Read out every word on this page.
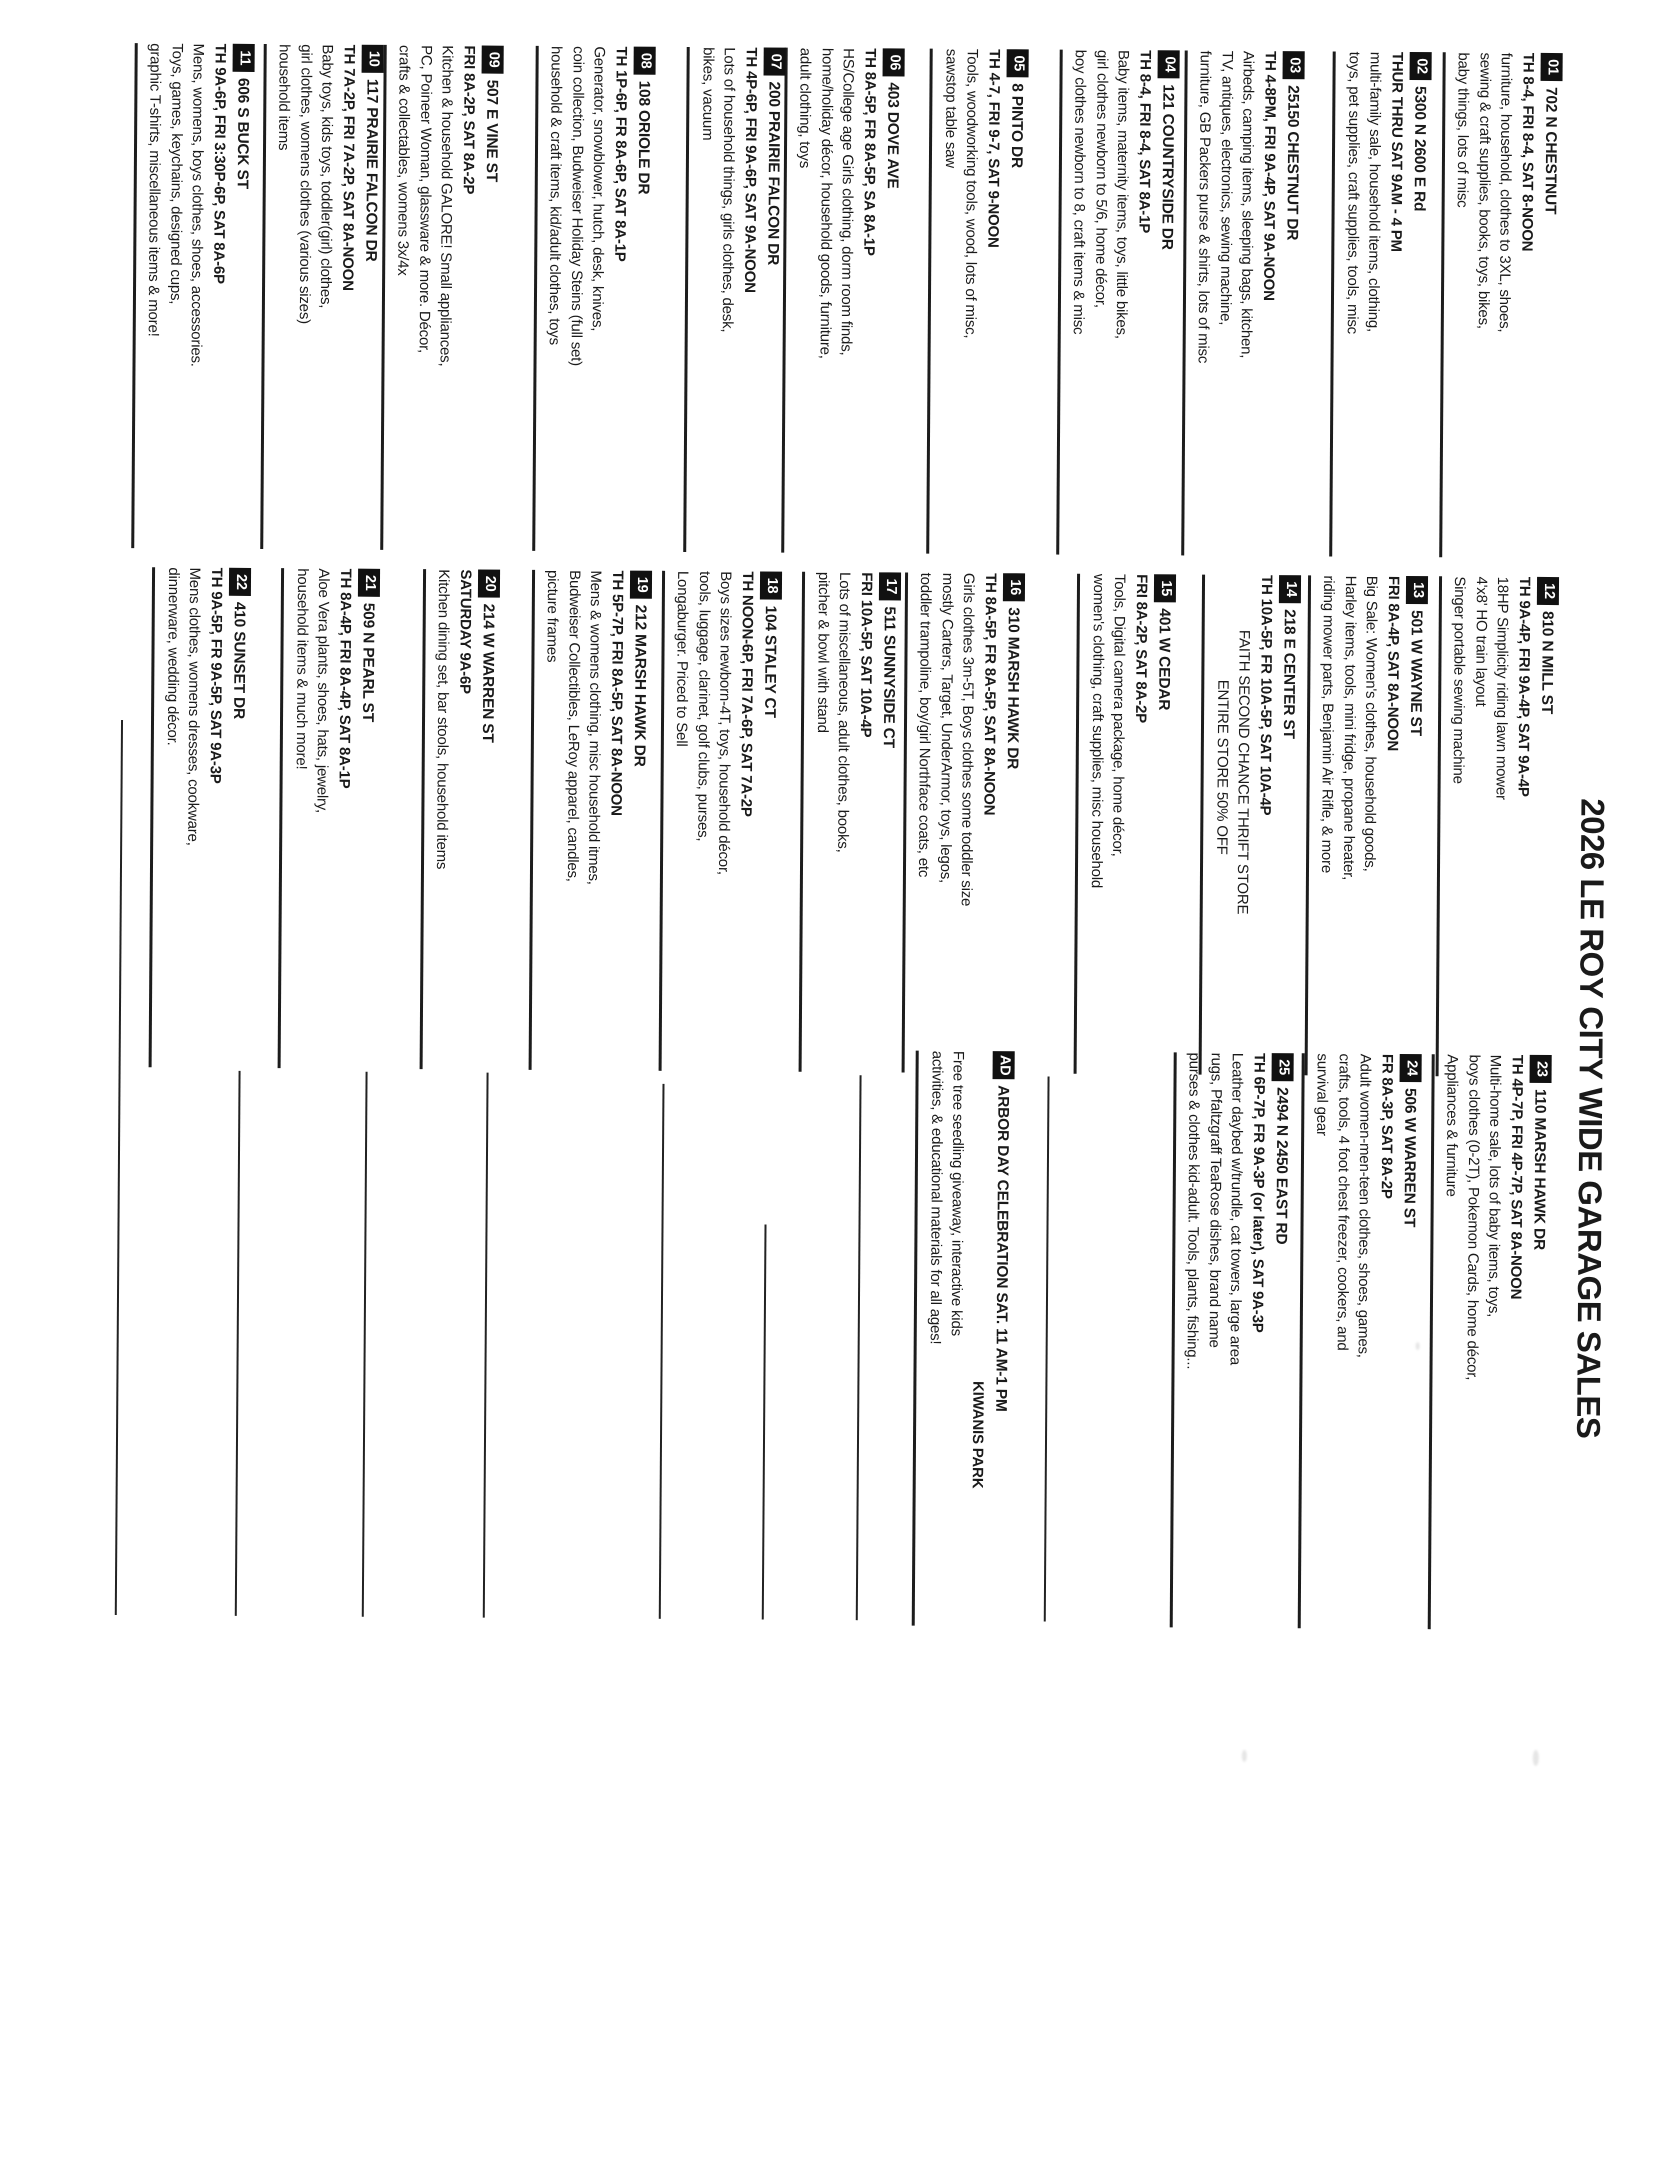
2026 LE ROY CITY WIDE GARAGE SALES
01702 N CHESTNUT
TH 8-4, FRI 8-4, SAT 8-NOON
furniture, household, clothes to 3XL, shoes,
sewing & craft supplies, books, toys, bikes,
baby things, lots of misc
025300 N 2600 E Rd
THUR THRU SAT 9AM - 4 PM
multi-family sale, household items, clothing,
toys, pet supplies, craft supplies, tools, misc
0325150 CHESTNUT DR
TH 4-8PM, FRI 9A-4P, SAT 9A-NOON
Airbeds, camping items, sleeping bags, kitchen,
TV, antiques, electronics, sewing machine,
furniture, GB Packers purse & shirts, lots of misc
04121 COUNTRYSIDE DR
TH 8-4, FRI 8-4, SAT 8A-1P
Baby items, maternity items, toys, little bikes,
girl clothes newborn to 5/6, home décor,
boy clothes newborn to 8, craft items & misc
058 PINTO DR
TH 4-7, FRI 9-7, SAT 9-NOON
Tools, woodworking tools, wood, lots of misc,
sawstop table saw
06403 DOVE AVE
TH 8A-5P, FR 8A-5P, SA 8A-1P
HS/College age Girls clothing, dorm room finds,
home/holiday décor, household goods, furniture,
adult clothing, toys
07200 PRAIRIE FALCON DR
TH 4P-6P, FRI 9A-6P, SAT 9A-NOON
Lots of household things, girls clothes, desk,
bikes, vacuum
08108 ORIOLE DR
TH 1P-6P, FR 8A-6P, SAT 8A-1P
Generator, snowblower, hutch, desk, knives,
coin collection, Budweiser Holiday Steins (full set)
household & craft items, kid/adult clothes, toys
09507 E VINE ST
FRI 8A-2P, SAT 8A-2P
Kitchen & household GALORE! Small appliances,
PC, Poineer Woman, glassware & more. Décor,
crafts & collectables, womens 3x/4x
10117 PRAIRIE FALCON DR
TH 7A-2P, FRI 7A-2P, SAT 8A-NOON
Baby toys, kids toys, toddler(girl) clothes,
girl clothes, womens clothes (various sizes)
household items
11606 S BUCK ST
TH 9A-6P, FRI 3:30P-6P, SAT 8A-6P
Mens, womens, boys clothes, shoes, accessories.
Toys, games, keychains, designed cups,
graphic T-shirts, miscellaneous items & more!
12810 N MILL ST
TH 9A-4P, FRI 9A-4P, SAT 9A-4P
18HP Simplicity riding lawn mower
4'x8' HO train layout
Singer portable sewing machine
13501 W WAYNE ST
FRI 8A-4P, SAT 8A-NOON
Big Sale: Women's clothes, household goods,
Harley items, tools, mini fridge, propane heater,
riding mower parts, Benjamin Air Rifle, & more
14218 E CENTER ST
TH 10A-5P, FR 10A-5P, SAT 10A-4P
FAITH SECOND CHANCE THRIFT STORE
ENTIRE STORE 50% OFF
15401 W CEDAR
FRI 8A-2P, SAT 8A-2P
Tools, Digital camera package, home décor,
women's clothing, craft supplies, misc household
16310 MARSH HAWK DR
TH 8A-5P, FR 8A-5P, SAT 8A-NOON
Girls clothes 3m-5T, Boys clothes some toddler size
mostly Carters, Target, UnderArmor, toys, legos,
toddler trampoline, boy/girl Northface coats, etc
17511 SUNNYSIDE CT
FRI 10A-5P, SAT 10A-4P
Lots of miscellaneous, adult clothes, books,
pitcher & bowl with stand
18104 STALEY CT
TH NOON-6P, FRI 7A-6P, SAT 7A-2P
Boys sizes newborn-4T, toys, household décor,
tools, luggage, clarinet, golf clubs, purses,
Longaburger. Priced to Sell
19212 MARSH HAWK DR
TH 5P-7P, FRI 8A-5P, SAT 8A-NOON
Mens & womens clothing, misc household itmes,
Budweiser Collectibles, LeRoy apparel, candles,
picture frames
20214 W WARREN ST
SATURDAY 9A-6P
Kitchen dining set, bar stools, household items
21509 N PEARL ST
TH 8A-4P, FRI 8A-4P, SAT 8A-1P
Aloe Vera plants, shoes, hats, jewelry,
household items & much more!
22410 SUNSET DR
TH 9A-5P, FR 9A-5P, SAT 9A-3P
Mens clothes, womens dresses, cookware,
dinnerware, wedding décor.
23110 MARSH HAWK DR
TH 4P-7P, FRI 4P-7P, SAT 8A-NOON
Multi-home sale, lots of baby items, toys,
boys clothes (0-2T), Pokemon Cards, home décor,
Appliances & furniture
24506 W WARREN ST
FR 8A-3P, SAT 8A-2P
Adult women-men-teen clothes, shoes, games,
crafts, tools, 4 foot chest freezer, cookers, and
survival gear
252494 N 2450 EAST RD
TH 6P-7P, FR 9A-3P (or later), SAT 9A-3P
Leather daybed w/trundle, cat towers, large area
rugs, Pfaltzgraff TeaRose dishes, brand name
purses & clothes kid-adult. Tools, plants, fishing...
ADARBOR DAY CELEBRATION SAT. 11 AM-1 PM
KIWANIS PARK
Free tree seedling giveaway, interactive kids
activities, & educational materials for all ages!
